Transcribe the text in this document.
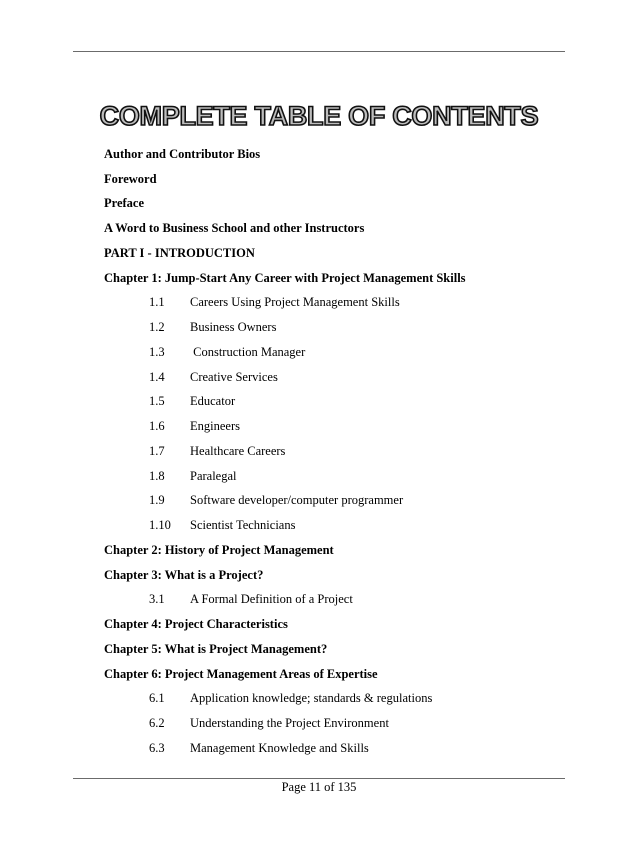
COMPLETE TABLE OF CONTENTS
Author and Contributor Bios
Foreword
Preface
A Word to Business School and other Instructors
PART I - INTRODUCTION
Chapter 1: Jump-Start Any Career with Project Management Skills
1.1	Careers Using Project Management Skills
1.2	Business Owners
1.3	Construction Manager
1.4	Creative Services
1.5	Educator
1.6	Engineers
1.7	Healthcare Careers
1.8	Paralegal
1.9	Software developer/computer programmer
1.10	Scientist Technicians
Chapter 2: History of Project Management
Chapter 3: What is a Project?
3.1	A Formal Definition of a Project
Chapter 4: Project Characteristics
Chapter 5: What is Project Management?
Chapter 6: Project Management Areas of Expertise
6.1	Application knowledge; standards & regulations
6.2	Understanding the Project Environment
6.3	Management Knowledge and Skills
Page 11 of 135
